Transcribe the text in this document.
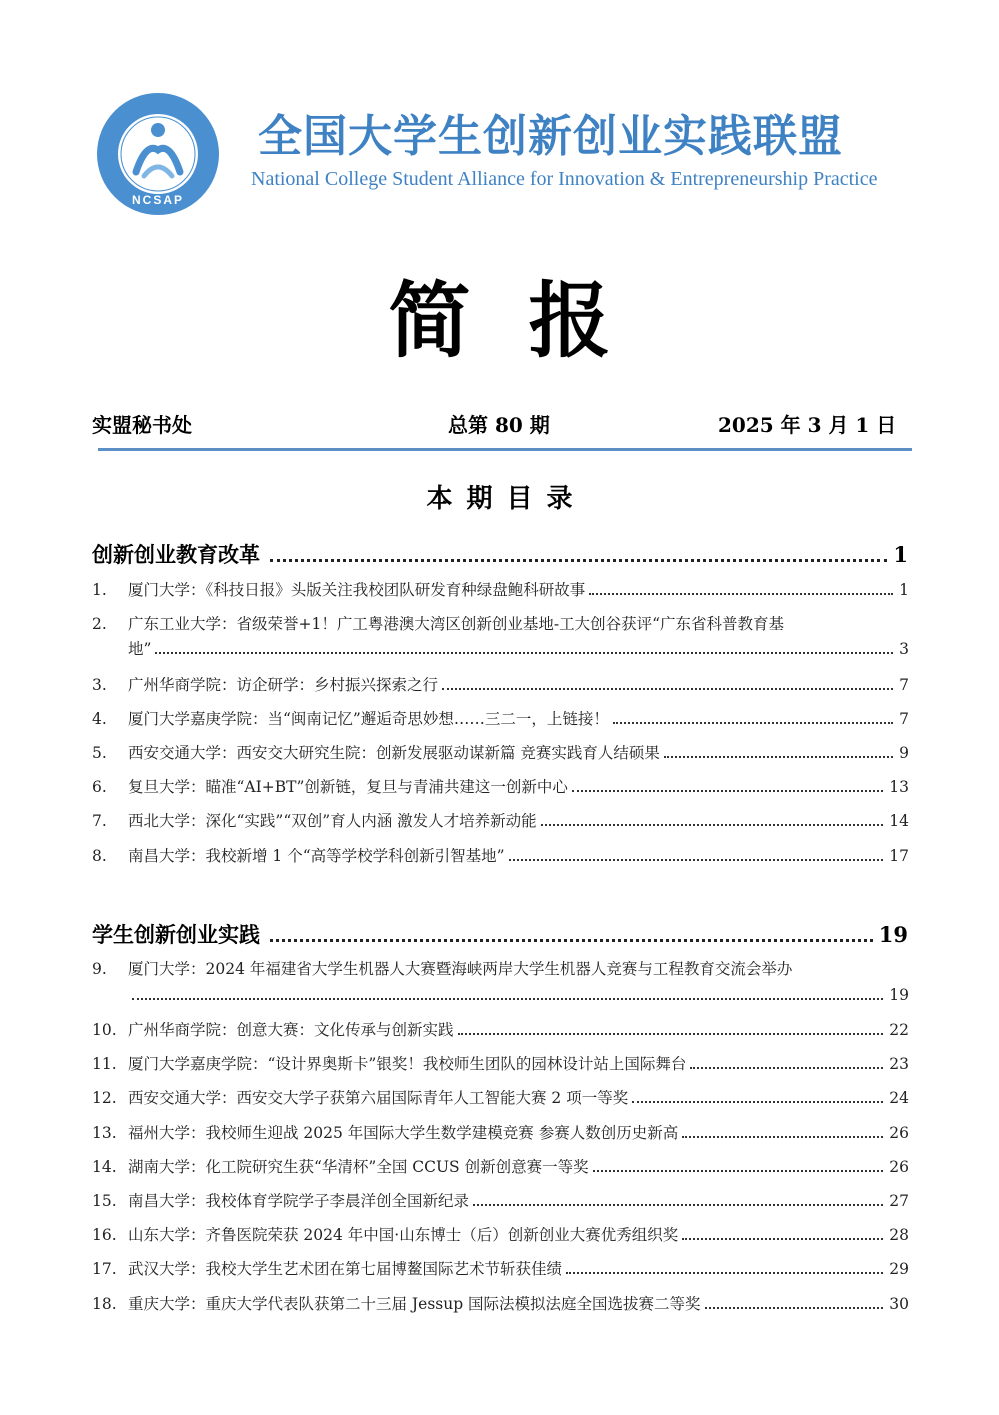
NCSAP
全国大学生创新创业实践联盟
National College Student Alliance for Innovation & Entrepreneurship Practice
简报
实盟秘书处	总第 80 期	2025 年 3 月 1 日
本期目录
创新创业教育改革	1
1. 厦门大学：《科技日报》头版关注我校团队研发育种绿盘鲍科研故事	1
2. 广东工业大学：省级荣誉+1！广工粤港澳大湾区创新创业基地-工大创谷获评“广东省科普教育基
地”	3
3. 广州华商学院：访企研学：乡村振兴探索之行	7
4. 厦门大学嘉庚学院：当“闽南记忆”邂逅奇思妙想……三二一，上链接！	7
5. 西安交通大学：西安交大研究生院：创新发展驱动谋新篇 竞赛实践育人结硕果	9
6. 复旦大学：瞄准“AI+BT”创新链，复旦与青浦共建这一创新中心	13
7. 西北大学：深化“实践”“双创”育人内涵 激发人才培养新动能	14
8. 南昌大学：我校新增 1 个“高等学校学科创新引智基地”	17
学生创新创业实践	19
9. 厦门大学：2024 年福建省大学生机器人大赛暨海峡两岸大学生机器人竞赛与工程教育交流会举办
19
10. 广州华商学院：创意大赛：文化传承与创新实践	22
11. 厦门大学嘉庚学院：“设计界奥斯卡”银奖！我校师生团队的园林设计站上国际舞台	23
12. 西安交通大学：西安交大学子获第六届国际青年人工智能大赛 2 项一等奖	24
13. 福州大学：我校师生迎战 2025 年国际大学生数学建模竞赛 参赛人数创历史新高	26
14. 湖南大学：化工院研究生获“华清杯”全国 CCUS 创新创意赛一等奖	26
15. 南昌大学：我校体育学院学子李晨洋创全国新纪录	27
16. 山东大学：齐鲁医院荣获 2024 年中国·山东博士（后）创新创业大赛优秀组织奖	28
17. 武汉大学：我校大学生艺术团在第七届博鳌国际艺术节斩获佳绩	29
18. 重庆大学：重庆大学代表队获第二十三届 Jessup 国际法模拟法庭全国选拔赛二等奖	30
